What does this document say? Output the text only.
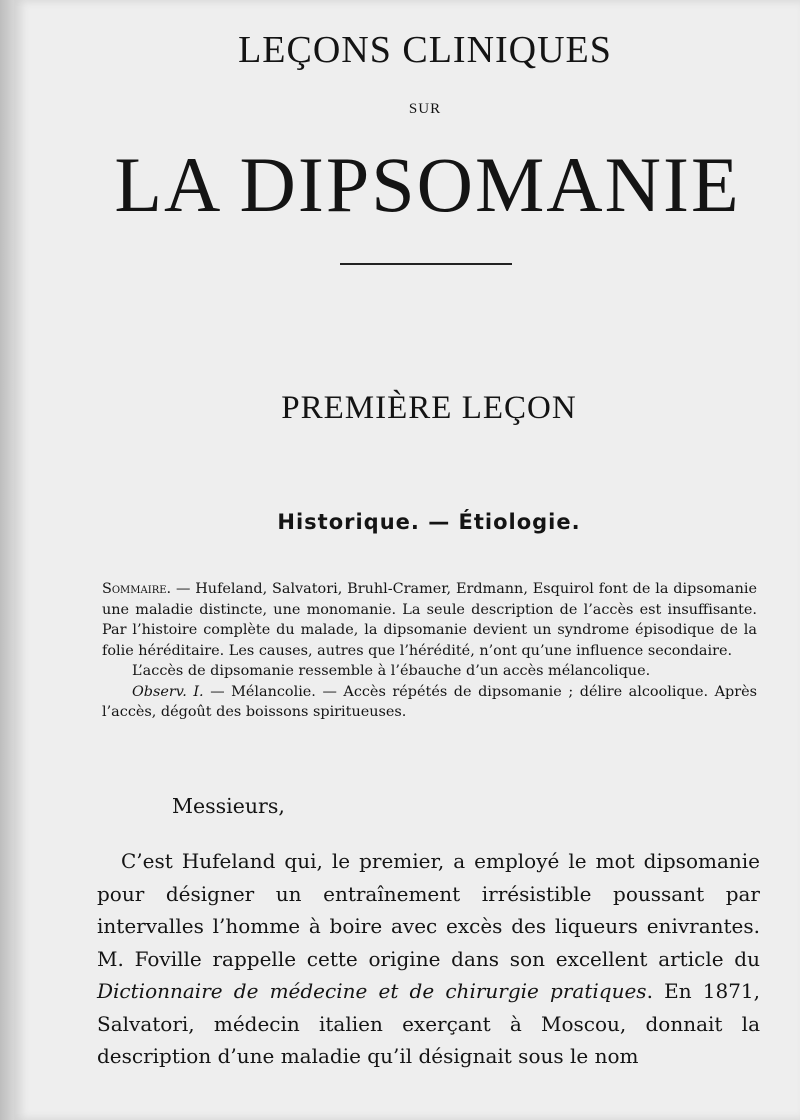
LEÇONS CLINIQUES
SUR
LA DIPSOMANIE
PREMIÈRE LEÇON
Historique. — Étiologie.

Sommaire. — Hufeland, Salvatori, Bruhl-Cramer, Erdmann, Esquirol font de la dipsomanie une maladie distincte, une monomanie. La seule description de l’accès est insuffisante. Par l’histoire complète du malade, la dipsomanie devient un syndrome épisodique de la folie héréditaire. Les causes, autres que l’hérédité, n’ont qu’une influence secondaire.

L’accès de dipsomanie ressemble à l’ébauche d’un accès mélancolique.

Observ. I. — Mélancolie. — Accès répétés de dipsomanie ; délire alcoolique. Après l’accès, dégoût des boissons spiritueuses.

Messieurs,

C’est Hufeland qui, le premier, a employé le mot dipsomanie pour désigner un entraînement irrésistible poussant par intervalles l’homme à boire avec excès des liqueurs enivrantes. M. Foville rappelle cette origine dans son excellent article du Dictionnaire de médecine et de chirurgie pratiques. En 1871, Salvatori, médecin italien exerçant à Moscou, donnait la description d’une maladie qu’il désignait sous le nom
